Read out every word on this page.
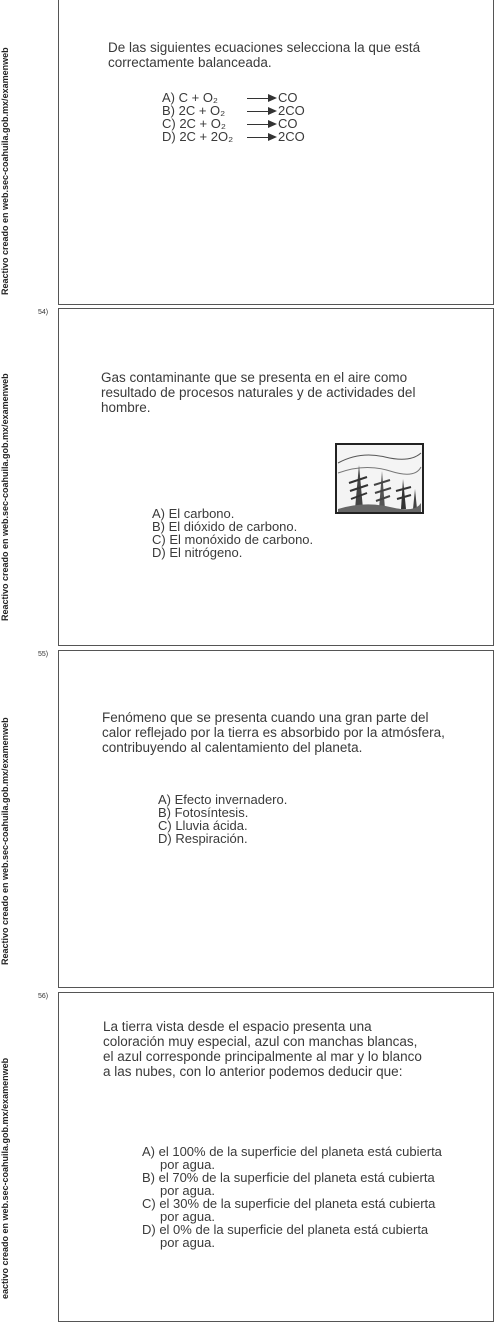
Reactivo creado en web.sec-coahuila.gob.mx/examenweb	De las siguientes ecuaciones selecciona la que está correctamente balanceada.
A) C + O₂ → CO
B) 2C + O₂ → 2CO
C) 2C + O₂ → CO
D) 2C + 2O₂ → 2CO
54)
Reactivo creado en web.sec-coahuila.gob.mx/examenweb	Gas contaminante que se presenta en el aire como resultado de procesos naturales y de actividades del hombre.
A) El carbono.
B) El dióxido de carbono.
C) El monóxido de carbono.
D) El nitrógeno.
55)
Reactivo creado en web.sec-coahuila.gob.mx/examenweb	Fenómeno que se presenta cuando una gran parte del calor reflejado por la tierra es absorbido por la atmósfera, contribuyendo al calentamiento del planeta.
A) Efecto invernadero.
B) Fotosíntesis.
C) Lluvia ácida.
D) Respiración.
56)
eactivo creado en web.sec-coahuila.gob.mx/examenweb
La tierra vista desde el espacio presenta una coloración muy especial, azul con manchas blancas, el azul corresponde principalmente al mar y lo blanco a las nubes, con lo anterior podemos deducir que:
A) el 100% de la superficie del planeta está cubierta por agua.
B) el 70% de la superficie del planeta está cubierta por agua.
C) el 30% de la superficie del planeta está cubierta por agua.
D) el 0% de la superficie del planeta está cubierta por agua.
